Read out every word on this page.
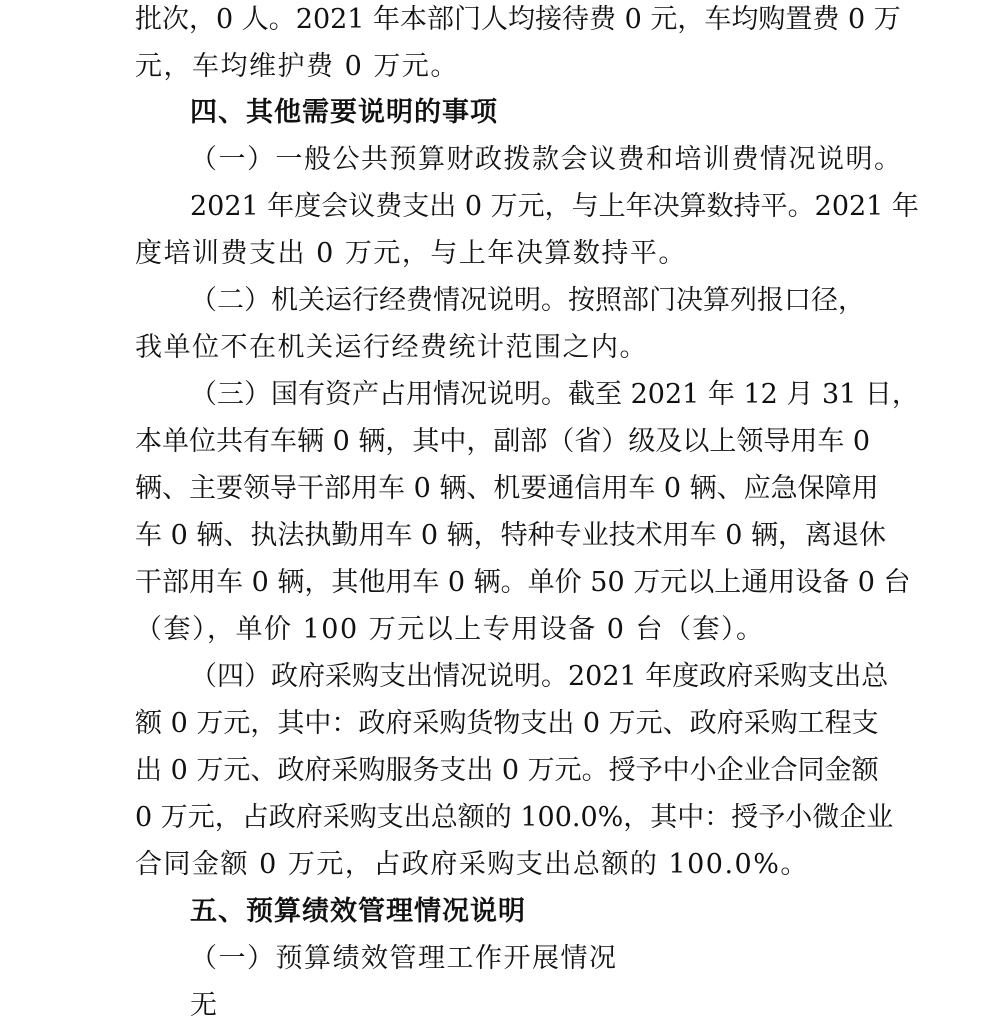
批次，0 人。2021 年本部门人均接待费 0 元，车均购置费 0 万
元，车均维护费 0 万元。
四、其他需要说明的事项
（一）一般公共预算财政拨款会议费和培训费情况说明。
2021 年度会议费支出 0 万元，与上年决算数持平。2021 年
度培训费支出 0 万元，与上年决算数持平。
（二）机关运行经费情况说明。按照部门决算列报口径，
我单位不在机关运行经费统计范围之内。
（三）国有资产占用情况说明。截至 2021 年 12 月 31 日，
本单位共有车辆 0 辆，其中，副部（省）级及以上领导用车 0
辆、主要领导干部用车 0 辆、机要通信用车 0 辆、应急保障用
车 0 辆、执法执勤用车 0 辆，特种专业技术用车 0 辆，离退休
干部用车 0 辆，其他用车 0 辆。单价 50 万元以上通用设备 0 台
（套），单价 100 万元以上专用设备 0 台（套）。
（四）政府采购支出情况说明。2021 年度政府采购支出总
额 0 万元，其中：政府采购货物支出 0 万元、政府采购工程支
出 0 万元、政府采购服务支出 0 万元。授予中小企业合同金额
0 万元，占政府采购支出总额的 100.0%，其中：授予小微企业
合同金额 0 万元，占政府采购支出总额的 100.0%。
五、预算绩效管理情况说明
（一）预算绩效管理工作开展情况
无
